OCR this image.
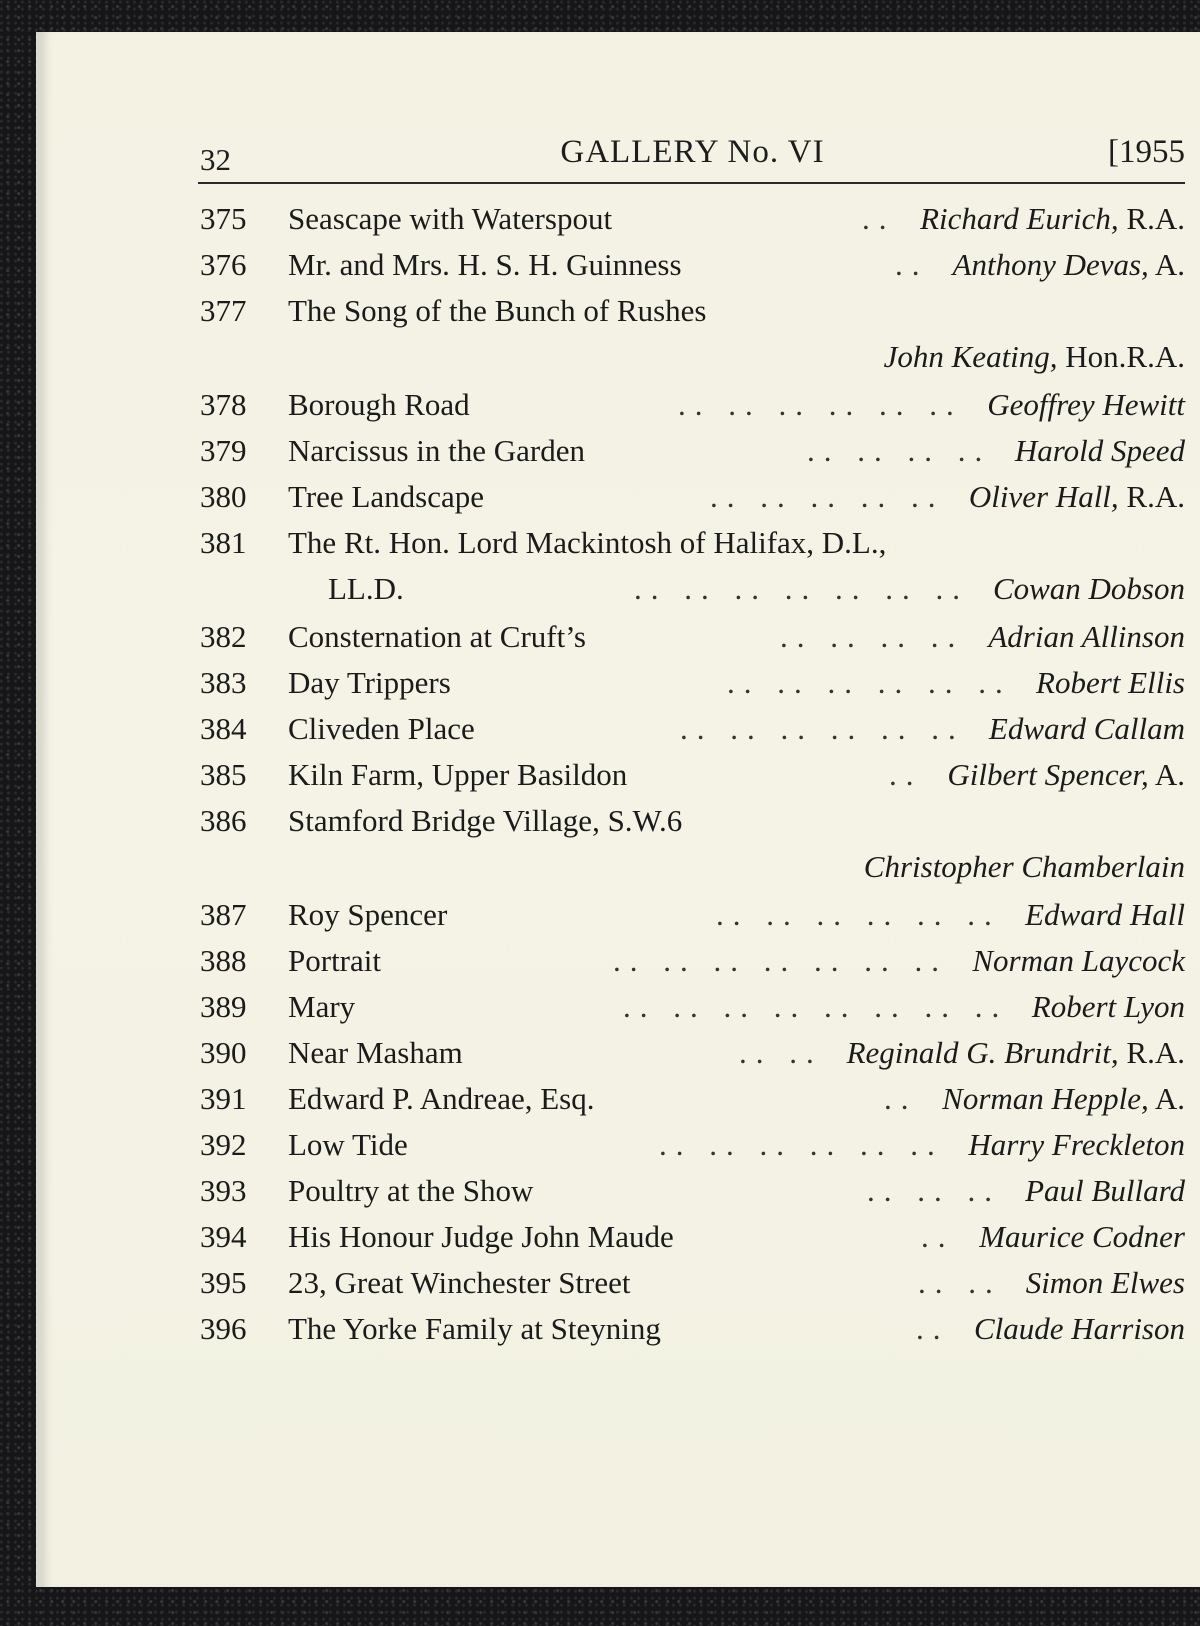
32	GALLERY No. VI	[1955
375	Seascape with Waterspout	Richard Eurich, R.A.
..
376	Mr. and Mrs. H. S. H. Guinness	Anthony Devas, A.
..
377	The Song of the Bunch of Rushes
John Keating, Hon.R.A.
378	Borough Road	Geoffrey Hewitt
.. .. .. .. .. ..
379	Narcissus in the Garden	Harold Speed
.. .. .. ..
380	Tree Landscape	Oliver Hall, R.A.
.. .. .. .. ..
381	The Rt. Hon. Lord Mackintosh of Halifax, D.L.,
LL.D.	Cowan Dobson
.. .. .. .. .. .. ..
382	Consternation at Cruft’s	Adrian Allinson
.. .. .. ..
383	Day Trippers	Robert Ellis
.. .. .. .. .. ..
384	Cliveden Place	Edward Callam
.. .. .. .. .. ..
385	Kiln Farm, Upper Basildon	Gilbert Spencer, A.
..
386	Stamford Bridge Village, S.W.6
Christopher Chamberlain
387	Roy Spencer	Edward Hall
.. .. .. .. .. ..
388	Portrait	Norman Laycock
.. .. .. .. .. .. ..
389	Mary	Robert Lyon
.. .. .. .. .. .. .. ..
390	Near Masham	Reginald G. Brundrit, R.A.
.. ..
391	Edward P. Andreae, Esq.	Norman Hepple, A.
..
392	Low Tide	Harry Freckleton
.. .. .. .. .. ..
393	Poultry at the Show	Paul Bullard
.. .. ..
394	His Honour Judge John Maude	Maurice Codner
..
395	23, Great Winchester Street	Simon Elwes
.. ..
396	The Yorke Family at Steyning	Claude Harrison
..
